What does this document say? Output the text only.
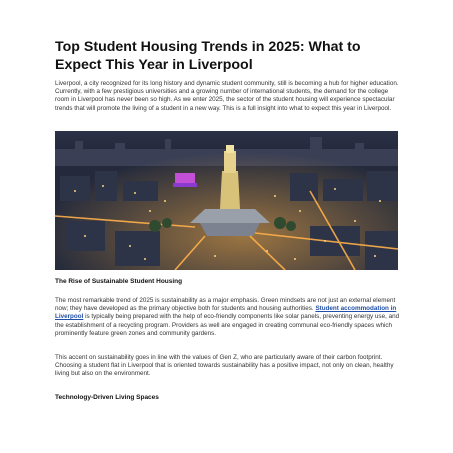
Top Student Housing Trends in 2025: What to Expect This Year in Liverpool
Liverpool, a city recognized for its long history and dynamic student community, still is becoming a hub for higher education. Currently, with a few prestigious universities and a growing number of international students, the demand for the college room in Liverpool has never been so high. As we enter 2025, the sector of the student housing will experience spectacular trends that will promote the living of a student in a new way. This is a full insight into what to expect this year in Liverpool.
The Rise of Sustainable Student Housing
The most remarkable trend of 2025 is sustainability as a major emphasis. Green mindsets are not just an external element now; they have developed as the primary objective both for students and housing authorities. Student accommodation in Liverpool is typically being prepared with the help of eco-friendly components like solar panels, preventing energy use, and the establishment of a recycling program. Providers as well are engaged in creating communal eco-friendly spaces which prominently feature green zones and community gardens.
This accent on sustainability goes in line with the values of Gen Z, who are particularly aware of their carbon footprint. Choosing a student flat in Liverpool that is oriented towards sustainability has a positive impact, not only on clean, healthy living but also on the environment.
Technology-Driven Living Spaces
